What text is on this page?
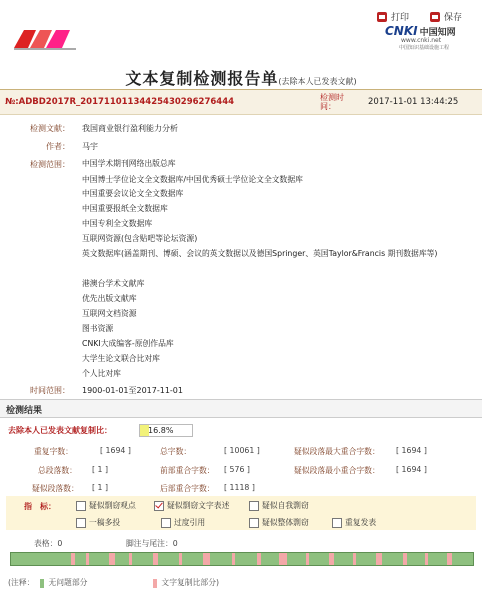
打印	保存
CNKI 中国知网
www.cnki.net
中国知识基础设施工程
文本复制检测报告单(去除本人已发表文献)
№:ADBD2017R_20171101134425430296276444	检测时间：	2017-11-01 13:44:25
检测文献： 我国商业银行盈利能力分析
作者： 马宇
检测范围： 中国学术期刊网络出版总库
中国博士学位论文全文数据库/中国优秀硕士学位论文全文数据库
中国重要会议论文全文数据库
中国重要报纸全文数据库
中国专利全文数据库
互联网资源(包含贴吧等论坛资源)
英文数据库(涵盖期刊、博硕、会议的英文数据以及德国Springer、英国Taylor&Francis 期刊数据库等)
港澳台学术文献库
优先出版文献库
互联网文档资源
图书资源
CNKI大成编客-原创作品库
大学生论文联合比对库
个人比对库
时间范围： 1900-01-01至2017-11-01
检测结果
去除本人已发表文献复制比：	16.8%
重复字数：	[ 1694 ]	总字数：	[ 10061 ]	疑似段落最大重合字数： [ 1694 ]
总段落数： [ 1 ]	前部重合字数： [ 576 ]	疑似段落最小重合字数： [ 1694 ]
疑似段落数： [ 1 ]	后部重合字数： [ 1118 ]
指　标：	疑似剽窃观点	疑似剽窃文字表述	疑似自我剽窃
一稿多投	过度引用	疑似整体剽窃	重复发表
表格：0	脚注与尾注：0
(注释： 无问题部分	文字复制比部分)
